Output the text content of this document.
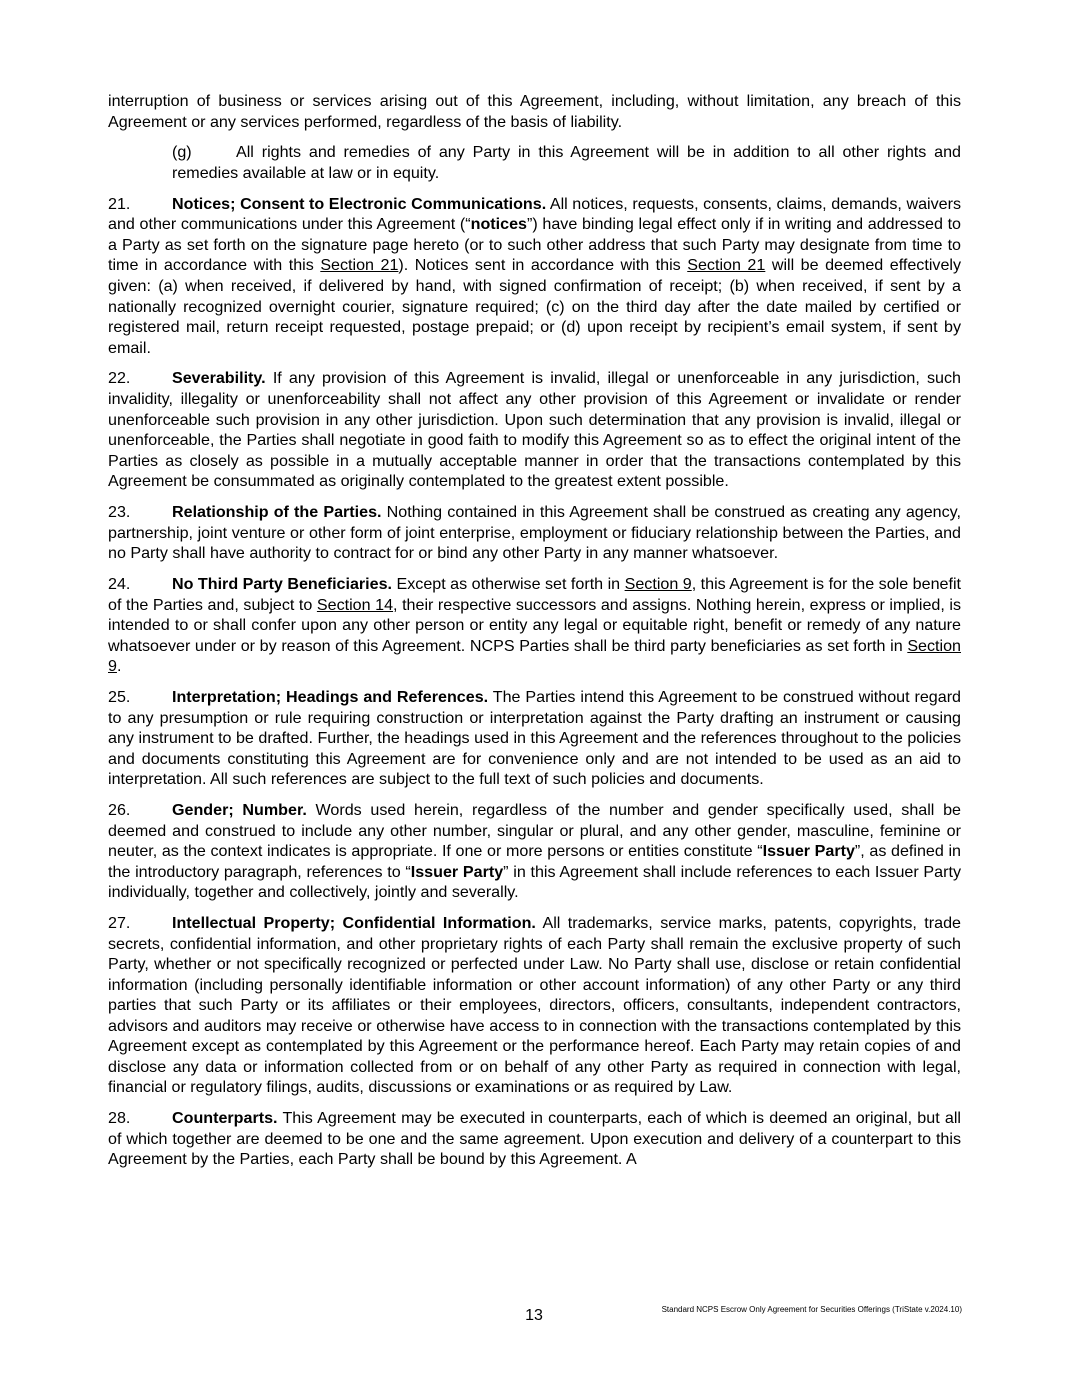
interruption of business or services arising out of this Agreement, including, without limitation, any breach of this Agreement or any services performed, regardless of the basis of liability.

(g)	All rights and remedies of any Party in this Agreement will be in addition to all other rights and remedies available at law or in equity.

21.	Notices; Consent to Electronic Communications. All notices, requests, consents, claims, demands, waivers and other communications under this Agreement (“notices”) have binding legal effect only if in writing and addressed to a Party as set forth on the signature page hereto (or to such other address that such Party may designate from time to time in accordance with this Section 21). Notices sent in accordance with this Section 21 will be deemed effectively given: (a) when received, if delivered by hand, with signed confirmation of receipt; (b) when received, if sent by a nationally recognized overnight courier, signature required; (c) on the third day after the date mailed by certified or registered mail, return receipt requested, postage prepaid; or (d) upon receipt by recipient’s email system, if sent by email.

22.	Severability. If any provision of this Agreement is invalid, illegal or unenforceable in any jurisdiction, such invalidity, illegality or unenforceability shall not affect any other provision of this Agreement or invalidate or render unenforceable such provision in any other jurisdiction. Upon such determination that any provision is invalid, illegal or unenforceable, the Parties shall negotiate in good faith to modify this Agreement so as to effect the original intent of the Parties as closely as possible in a mutually acceptable manner in order that the transactions contemplated by this Agreement be consummated as originally contemplated to the greatest extent possible.

23.	Relationship of the Parties. Nothing contained in this Agreement shall be construed as creating any agency, partnership, joint venture or other form of joint enterprise, employment or fiduciary relationship between the Parties, and no Party shall have authority to contract for or bind any other Party in any manner whatsoever.

24.	No Third Party Beneficiaries. Except as otherwise set forth in Section 9, this Agreement is for the sole benefit of the Parties and, subject to Section 14, their respective successors and assigns. Nothing herein, express or implied, is intended to or shall confer upon any other person or entity any legal or equitable right, benefit or remedy of any nature whatsoever under or by reason of this Agreement. NCPS Parties shall be third party beneficiaries as set forth in Section 9.

25.	Interpretation; Headings and References. The Parties intend this Agreement to be construed without regard to any presumption or rule requiring construction or interpretation against the Party drafting an instrument or causing any instrument to be drafted. Further, the headings used in this Agreement and the references throughout to the policies and documents constituting this Agreement are for convenience only and are not intended to be used as an aid to interpretation. All such references are subject to the full text of such policies and documents.

26.	Gender; Number. Words used herein, regardless of the number and gender specifically used, shall be deemed and construed to include any other number, singular or plural, and any other gender, masculine, feminine or neuter, as the context indicates is appropriate. If one or more persons or entities constitute “Issuer Party”, as defined in the introductory paragraph, references to “Issuer Party” in this Agreement shall include references to each Issuer Party individually, together and collectively, jointly and severally.

27.	Intellectual Property; Confidential Information. All trademarks, service marks, patents, copyrights, trade secrets, confidential information, and other proprietary rights of each Party shall remain the exclusive property of such Party, whether or not specifically recognized or perfected under Law. No Party shall use, disclose or retain confidential information (including personally identifiable information or other account information) of any other Party or any third parties that such Party or its affiliates or their employees, directors, officers, consultants, independent contractors, advisors and auditors may receive or otherwise have access to in connection with the transactions contemplated by this Agreement except as contemplated by this Agreement or the performance hereof. Each Party may retain copies of and disclose any data or information collected from or on behalf of any other Party as required in connection with legal, financial or regulatory filings, audits, discussions or examinations or as required by Law.

28.	Counterparts. This Agreement may be executed in counterparts, each of which is deemed an original, but all of which together are deemed to be one and the same agreement. Upon execution and delivery of a counterpart to this Agreement by the Parties, each Party shall be bound by this Agreement. A

13	Standard NCPS Escrow Only Agreement for Securities Offerings (TriState v.2024.10)
